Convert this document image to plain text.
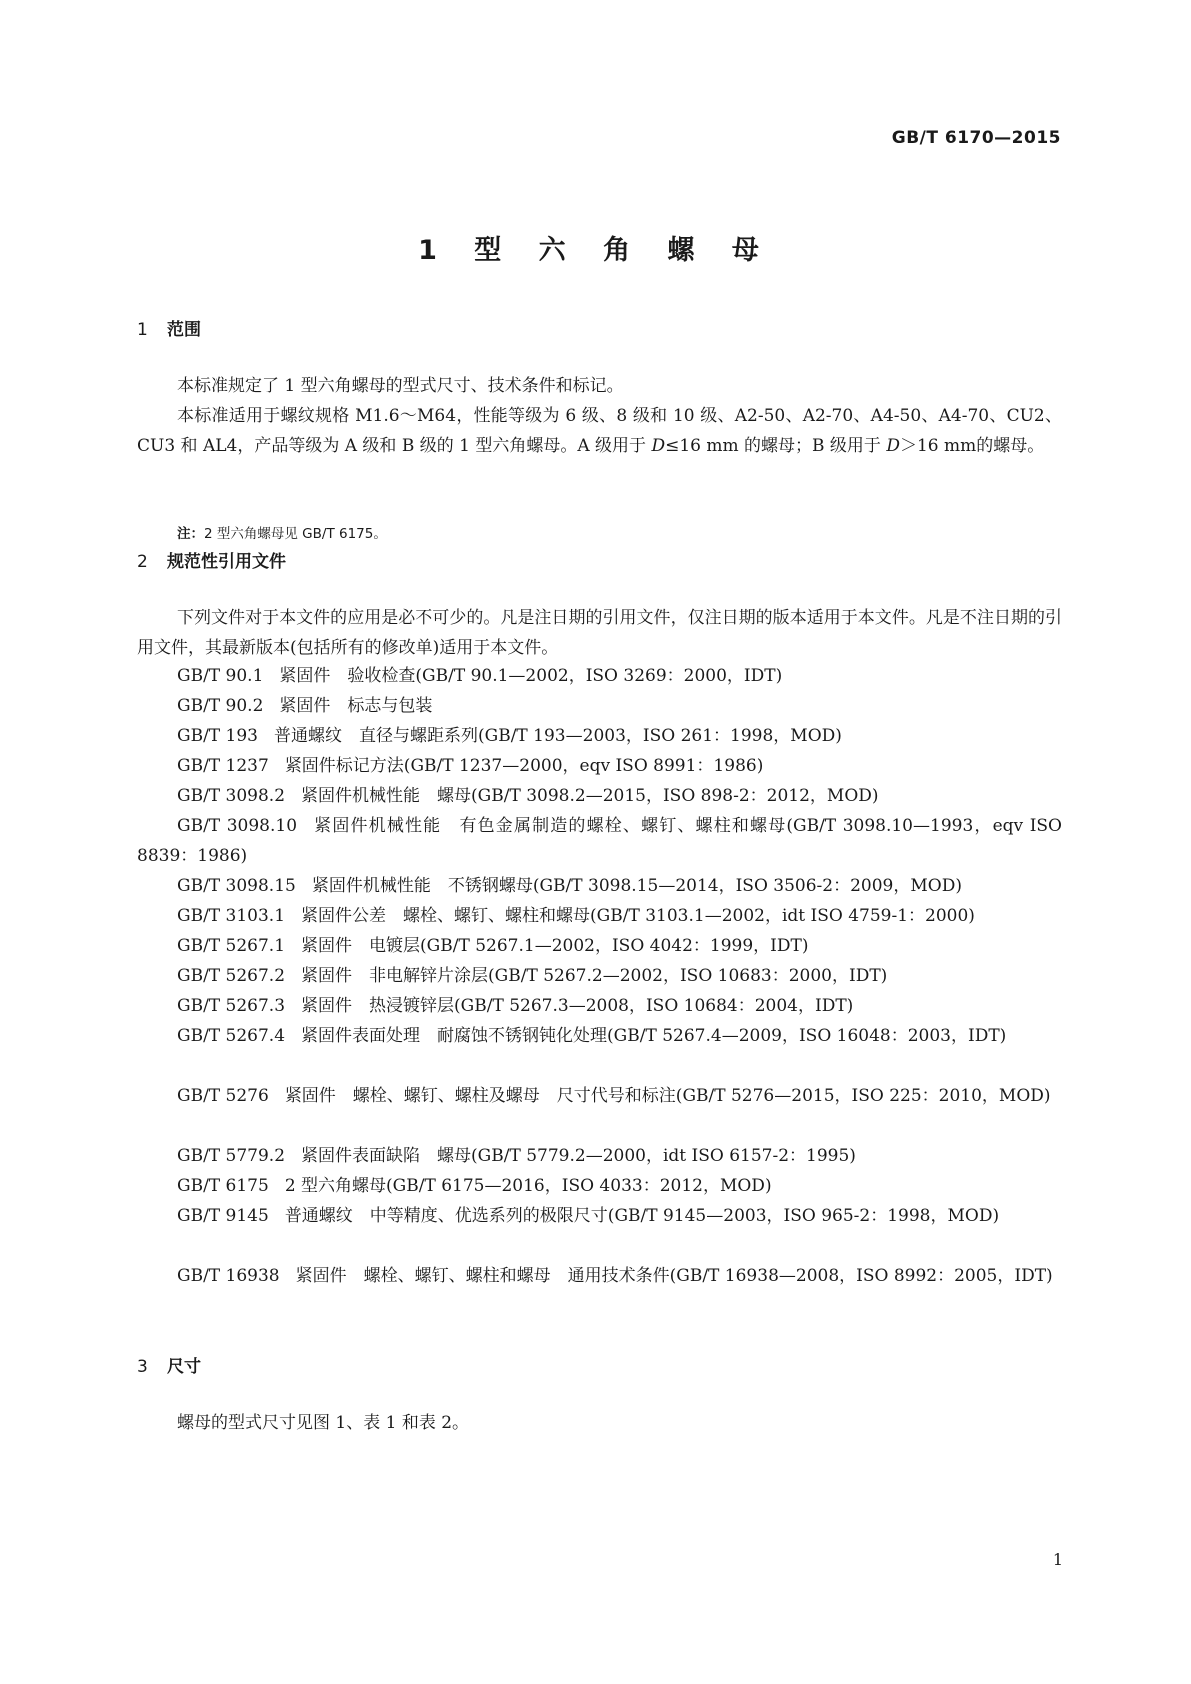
GB/T 6170—2015
1 型 六 角 螺 母
1 范围
本标准规定了 1 型六角螺母的型式尺寸、技术条件和标记。
本标准适用于螺纹规格 M1.6～M64，性能等级为 6 级、8 级和 10 级、A2-50、A2-70、A4-50、A4-70、CU2、CU3 和 AL4，产品等级为 A 级和 B 级的 1 型六角螺母。A 级用于 D≤16 mm 的螺母；B 级用于 D＞16 mm的螺母。
注：2 型六角螺母见 GB/T 6175。
2 规范性引用文件
下列文件对于本文件的应用是必不可少的。凡是注日期的引用文件，仅注日期的版本适用于本文件。凡是不注日期的引用文件，其最新版本(包括所有的修改单)适用于本文件。
GB/T 90.1 紧固件　验收检查(GB/T 90.1—2002，ISO 3269：2000，IDT)
GB/T 90.2 紧固件　标志与包装
GB/T 193 普通螺纹　直径与螺距系列(GB/T 193—2003，ISO 261：1998，MOD)
GB/T 1237 紧固件标记方法(GB/T 1237—2000，eqv ISO 8991：1986)
GB/T 3098.2 紧固件机械性能　螺母(GB/T 3098.2—2015，ISO 898-2：2012，MOD)
GB/T 3098.10 紧固件机械性能　有色金属制造的螺栓、螺钉、螺柱和螺母(GB/T 3098.10—1993，eqv ISO 8839：1986)
GB/T 3098.15 紧固件机械性能　不锈钢螺母(GB/T 3098.15—2014，ISO 3506-2：2009，MOD)
GB/T 3103.1 紧固件公差　螺栓、螺钉、螺柱和螺母(GB/T 3103.1—2002，idt ISO 4759-1：2000)
GB/T 5267.1 紧固件　电镀层(GB/T 5267.1—2002，ISO 4042：1999，IDT)
GB/T 5267.2 紧固件　非电解锌片涂层(GB/T 5267.2—2002，ISO 10683：2000，IDT)
GB/T 5267.3 紧固件　热浸镀锌层(GB/T 5267.3—2008，ISO 10684：2004，IDT)
GB/T 5267.4 紧固件表面处理　耐腐蚀不锈钢钝化处理(GB/T 5267.4—2009，ISO 16048：2003，IDT)
GB/T 5276 紧固件　螺栓、螺钉、螺柱及螺母　尺寸代号和标注(GB/T 5276—2015，ISO 225：2010，MOD)
GB/T 5779.2 紧固件表面缺陷　螺母(GB/T 5779.2—2000，idt ISO 6157-2：1995)
GB/T 6175 2 型六角螺母(GB/T 6175—2016，ISO 4033：2012，MOD)
GB/T 9145 普通螺纹　中等精度、优选系列的极限尺寸(GB/T 9145—2003，ISO 965-2：1998，MOD)
GB/T 16938 紧固件　螺栓、螺钉、螺柱和螺母　通用技术条件(GB/T 16938—2008，ISO 8992：2005，IDT)
3 尺寸
螺母的型式尺寸见图 1、表 1 和表 2。
1
